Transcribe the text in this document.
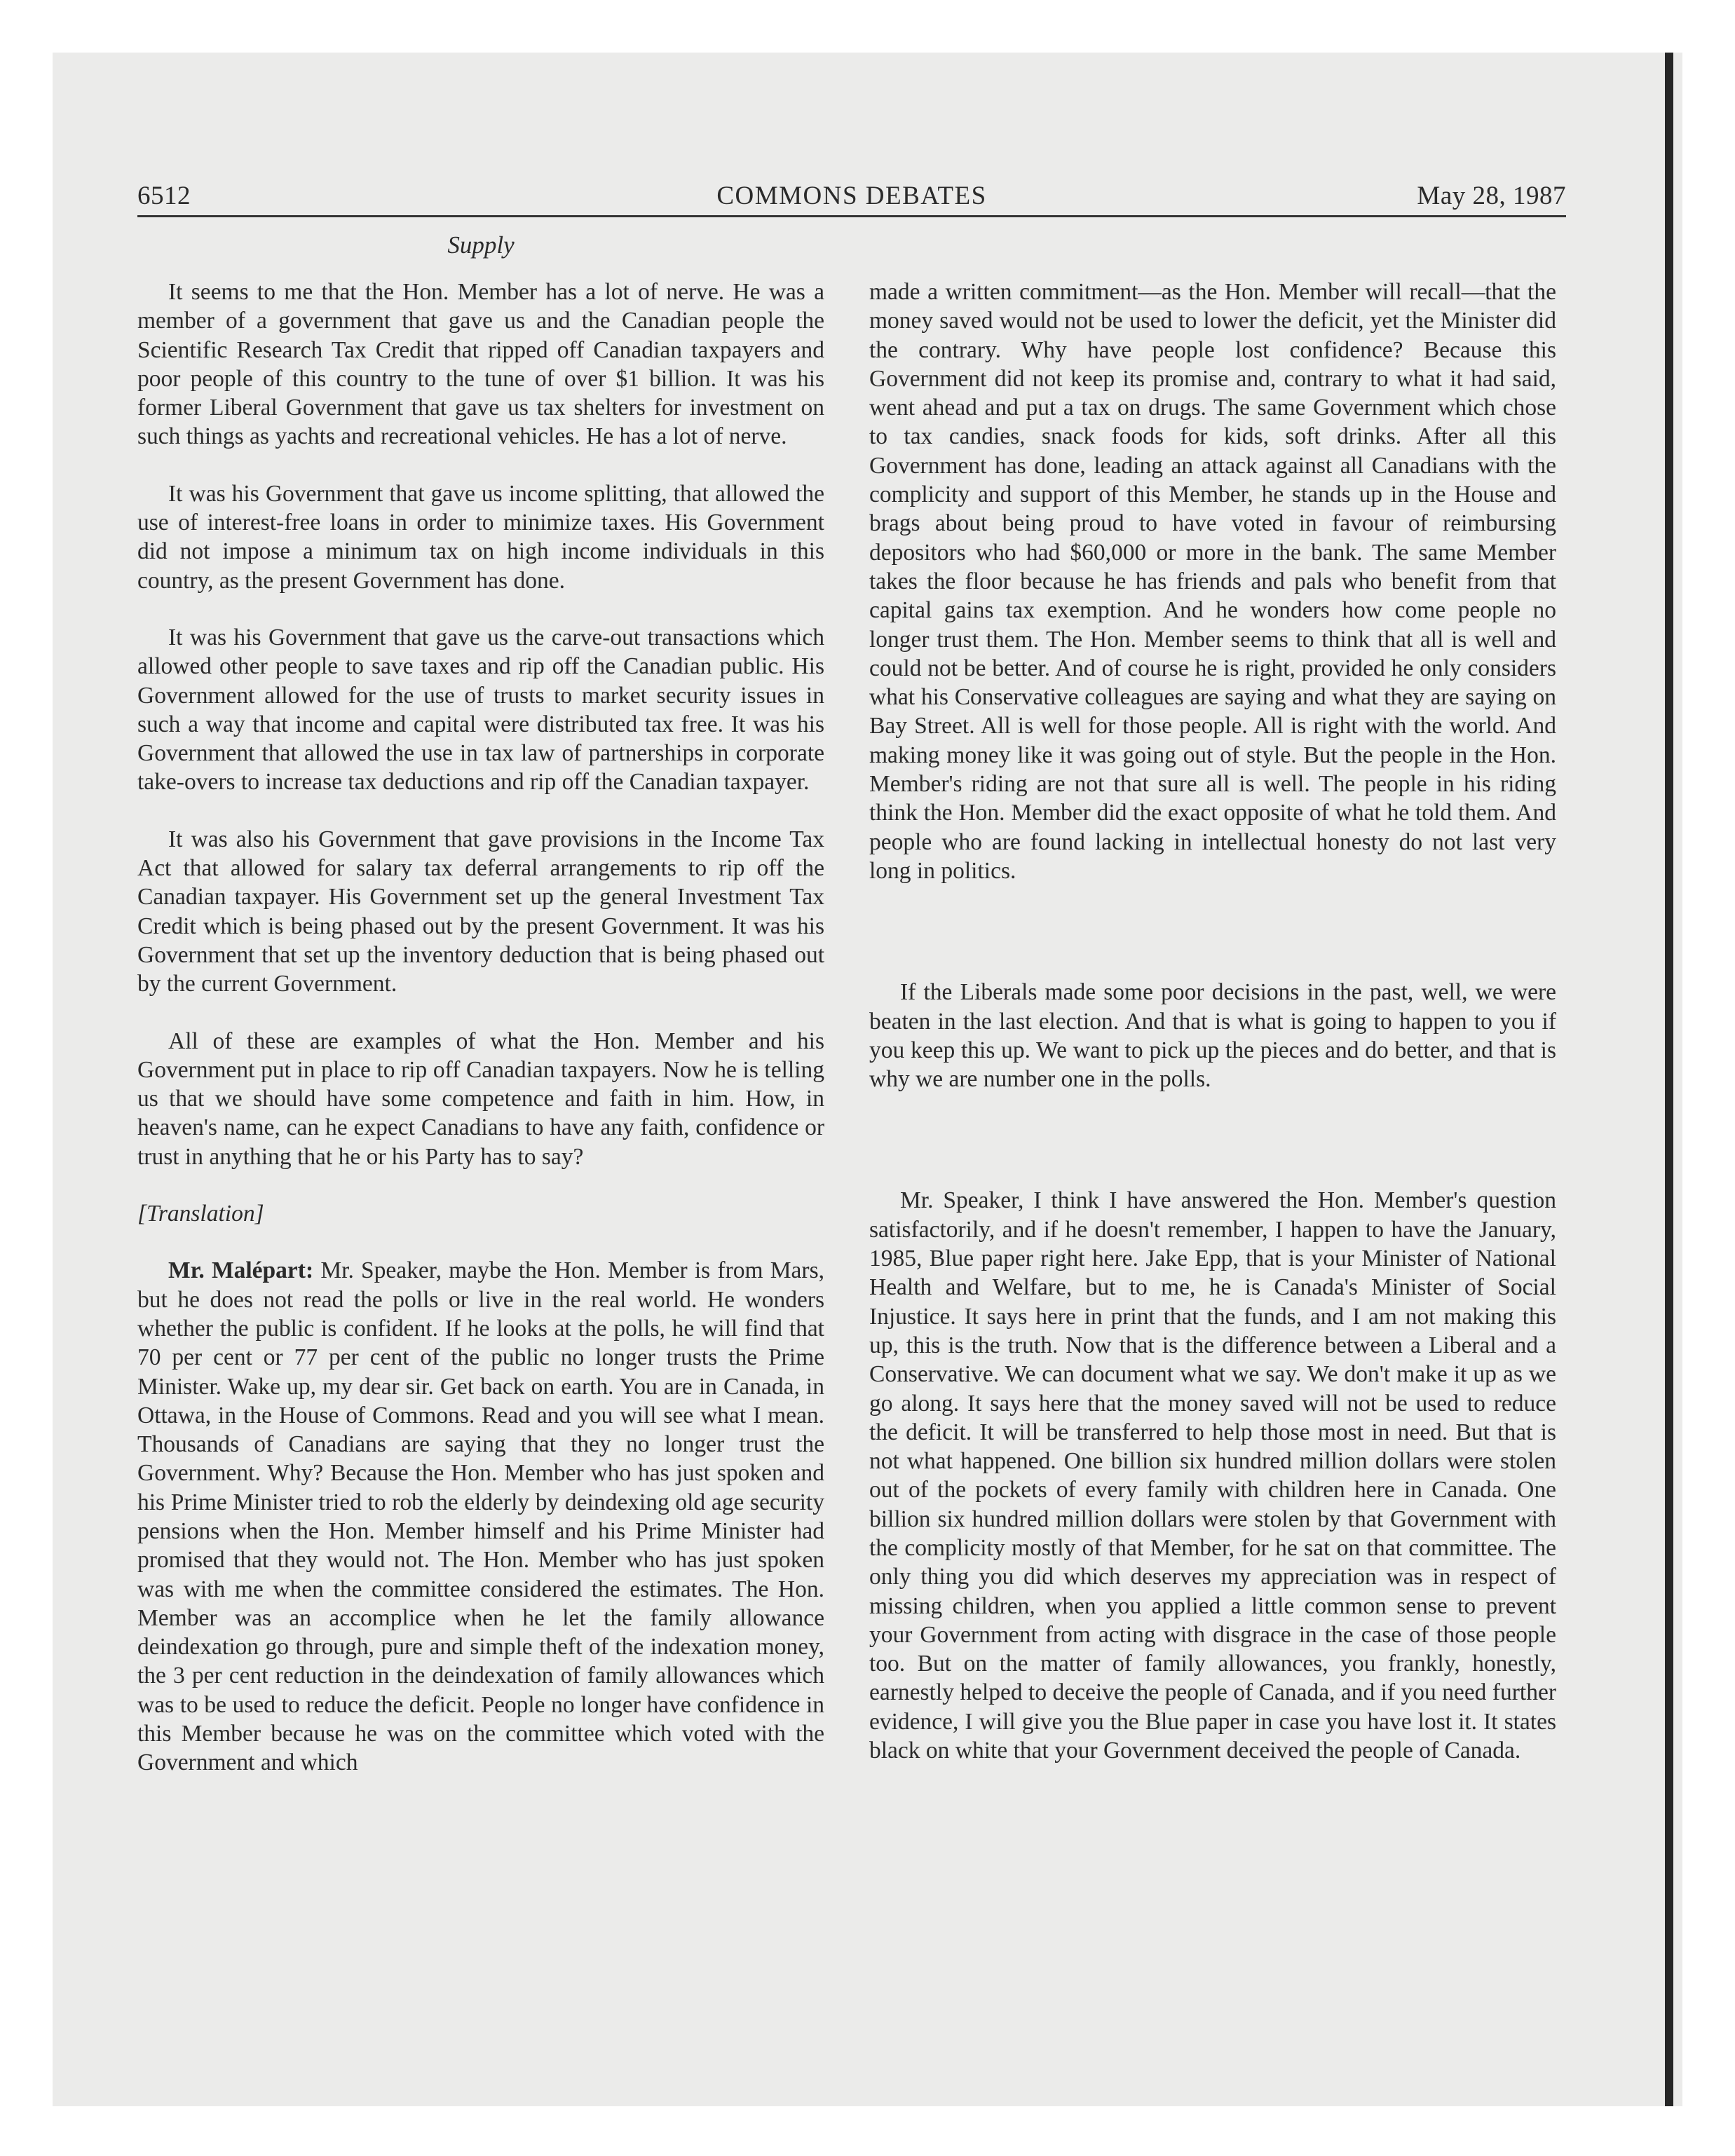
COMMONS DEBATES
6512	May 28, 1987
Supply

It seems to me that the Hon. Member has a lot of nerve. He was a member of a government that gave us and the Canadian people the Scientific Research Tax Credit that ripped off Canadian taxpayers and poor people of this country to the tune of over $1 billion. It was his former Liberal Government that gave us tax shelters for investment on such things as yachts and recreational vehicles. He has a lot of nerve.

It was his Government that gave us income splitting, that allowed the use of interest-free loans in order to minimize taxes. His Government did not impose a minimum tax on high income individuals in this country, as the present Government has done.

It was his Government that gave us the carve-out transactions which allowed other people to save taxes and rip off the Canadian public. His Government allowed for the use of trusts to market security issues in such a way that income and capital were distributed tax free. It was his Government that allowed the use in tax law of partnerships in corporate take-overs to increase tax deductions and rip off the Canadian taxpayer.

It was also his Government that gave provisions in the Income Tax Act that allowed for salary tax deferral arrangements to rip off the Canadian taxpayer. His Government set up the general Investment Tax Credit which is being phased out by the present Government. It was his Government that set up the inventory deduction that is being phased out by the current Government.

All of these are examples of what the Hon. Member and his Government put in place to rip off Canadian taxpayers. Now he is telling us that we should have some competence and faith in him. How, in heaven's name, can he expect Canadians to have any faith, confidence or trust in anything that he or his Party has to say?

[Translation]

Mr. Malépart: Mr. Speaker, maybe the Hon. Member is from Mars, but he does not read the polls or live in the real world. He wonders whether the public is confident. If he looks at the polls, he will find that 70 per cent or 77 per cent of the public no longer trusts the Prime Minister. Wake up, my dear sir. Get back on earth. You are in Canada, in Ottawa, in the House of Commons. Read and you will see what I mean. Thousands of Canadians are saying that they no longer trust the Government. Why? Because the Hon. Member who has just spoken and his Prime Minister tried to rob the elderly by deindexing old age security pensions when the Hon. Member himself and his Prime Minister had promised that they would not. The Hon. Member who has just spoken was with me when the committee considered the estimates. The Hon. Member was an accomplice when he let the family allowance deindexation go through, pure and simple theft of the indexation money, the 3 per cent reduction in the deindexation of family allowances which was to be used to reduce the deficit. People no longer have confidence in this Member because he was on the committee which voted with the Government and which

made a written commitment—as the Hon. Member will recall—that the money saved would not be used to lower the deficit, yet the Minister did the contrary. Why have people lost confidence? Because this Government did not keep its promise and, contrary to what it had said, went ahead and put a tax on drugs. The same Government which chose to tax candies, snack foods for kids, soft drinks. After all this Government has done, leading an attack against all Canadians with the complicity and support of this Member, he stands up in the House and brags about being proud to have voted in favour of reimbursing depositors who had $60,000 or more in the bank. The same Member takes the floor because he has friends and pals who benefit from that capital gains tax exemption. And he wonders how come people no longer trust them. The Hon. Member seems to think that all is well and could not be better. And of course he is right, provided he only considers what his Conservative colleagues are saying and what they are saying on Bay Street. All is well for those people. All is right with the world. And making money like it was going out of style. But the people in the Hon. Member's riding are not that sure all is well. The people in his riding think the Hon. Member did the exact opposite of what he told them. And people who are found lacking in intellectual honesty do not last very long in politics.

If the Liberals made some poor decisions in the past, well, we were beaten in the last election. And that is what is going to happen to you if you keep this up. We want to pick up the pieces and do better, and that is why we are number one in the polls.

Mr. Speaker, I think I have answered the Hon. Member's question satisfactorily, and if he doesn't remember, I happen to have the January, 1985, Blue paper right here. Jake Epp, that is your Minister of National Health and Welfare, but to me, he is Canada's Minister of Social Injustice. It says here in print that the funds, and I am not making this up, this is the truth. Now that is the difference between a Liberal and a Conservative. We can document what we say. We don't make it up as we go along. It says here that the money saved will not be used to reduce the deficit. It will be transferred to help those most in need. But that is not what happened. One billion six hundred million dollars were stolen out of the pockets of every family with children here in Canada. One billion six hundred million dollars were stolen by that Government with the complicity mostly of that Member, for he sat on that committee. The only thing you did which deserves my appreciation was in respect of missing children, when you applied a little common sense to prevent your Government from acting with disgrace in the case of those people too. But on the matter of family allowances, you frankly, honestly, earnestly helped to deceive the people of Canada, and if you need further evidence, I will give you the Blue paper in case you have lost it. It states black on white that your Government deceived the people of Canada.
